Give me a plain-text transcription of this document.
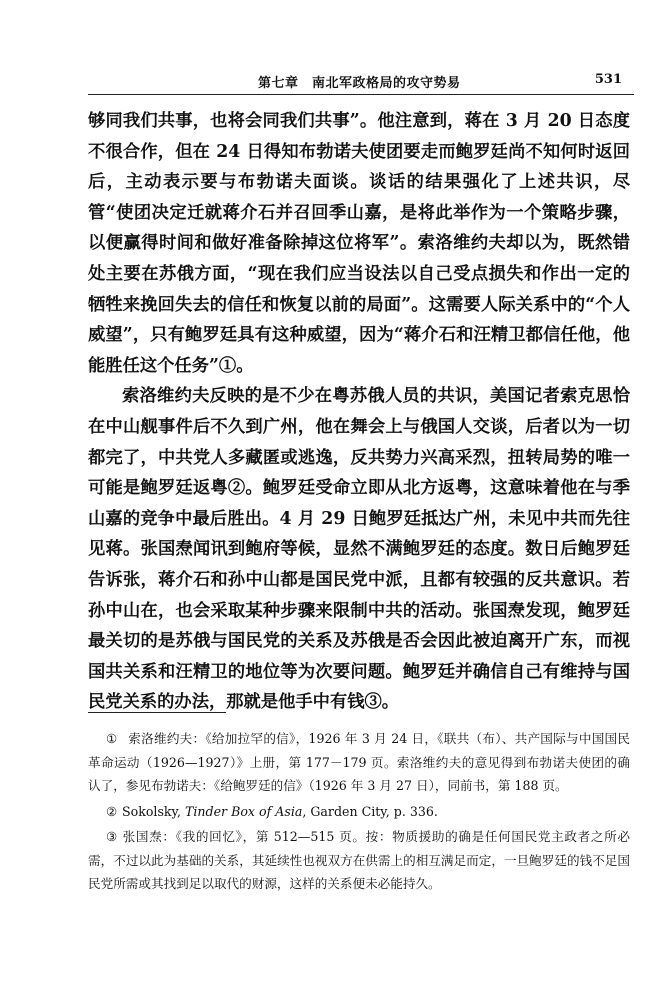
第七章　南北军政格局的攻守势易	531

够同我们共事，也将会同我们共事”。他注意到，蒋在 3 月 20 日态度不很合作，但在 24 日得知布勃诺夫使团要走而鲍罗廷尚不知何时返回后，主动表示要与布勃诺夫面谈。谈话的结果强化了上述共识，尽管“使团决定迁就蒋介石并召回季山嘉，是将此举作为一个策略步骤，以便赢得时间和做好准备除掉这位将军”。索洛维约夫却以为，既然错处主要在苏俄方面，“现在我们应当设法以自己受点损失和作出一定的牺牲来挽回失去的信任和恢复以前的局面”。这需要人际关系中的“个人威望”，只有鲍罗廷具有这种威望，因为“蒋介石和汪精卫都信任他，他能胜任这个任务”①。

索洛维约夫反映的是不少在粤苏俄人员的共识，美国记者索克思恰在中山舰事件后不久到广州，他在舞会上与俄国人交谈，后者以为一切都完了，中共党人多藏匿或逃逸，反共势力兴高采烈，扭转局势的唯一可能是鲍罗廷返粤②。鲍罗廷受命立即从北方返粤，这意味着他在与季山嘉的竞争中最后胜出。4 月 29 日鲍罗廷抵达广州，未见中共而先往见蒋。张国焘闻讯到鲍府等候，显然不满鲍罗廷的态度。数日后鲍罗廷告诉张，蒋介石和孙中山都是国民党中派，且都有较强的反共意识。若孙中山在，也会采取某种步骤来限制中共的活动。张国焘发现，鲍罗廷最关切的是苏俄与国民党的关系及苏俄是否会因此被迫离开广东，而视国共关系和汪精卫的地位等为次要问题。鲍罗廷并确信自己有维持与国民党关系的办法，那就是他手中有钱③。

① 索洛维约夫：《给加拉罕的信》，1926 年 3 月 24 日，《联共（布）、共产国际与中国国民革命运动（1926—1927）》上册，第 177－179 页。索洛维约夫的意见得到布勃诺夫使团的确认了，参见布勃诺夫：《给鲍罗廷的信》（1926 年 3 月 27 日），同前书，第 188 页。

② Sokolsky, Tinder Box of Asia, Garden City, p. 336.

③ 张国焘：《我的回忆》，第 512—515 页。按：物质援助的确是任何国民党主政者之所必需，不过以此为基础的关系，其延续性也视双方在供需上的相互满足而定，一旦鲍罗廷的钱不足国民党所需或其找到足以取代的财源，这样的关系便未必能持久。
